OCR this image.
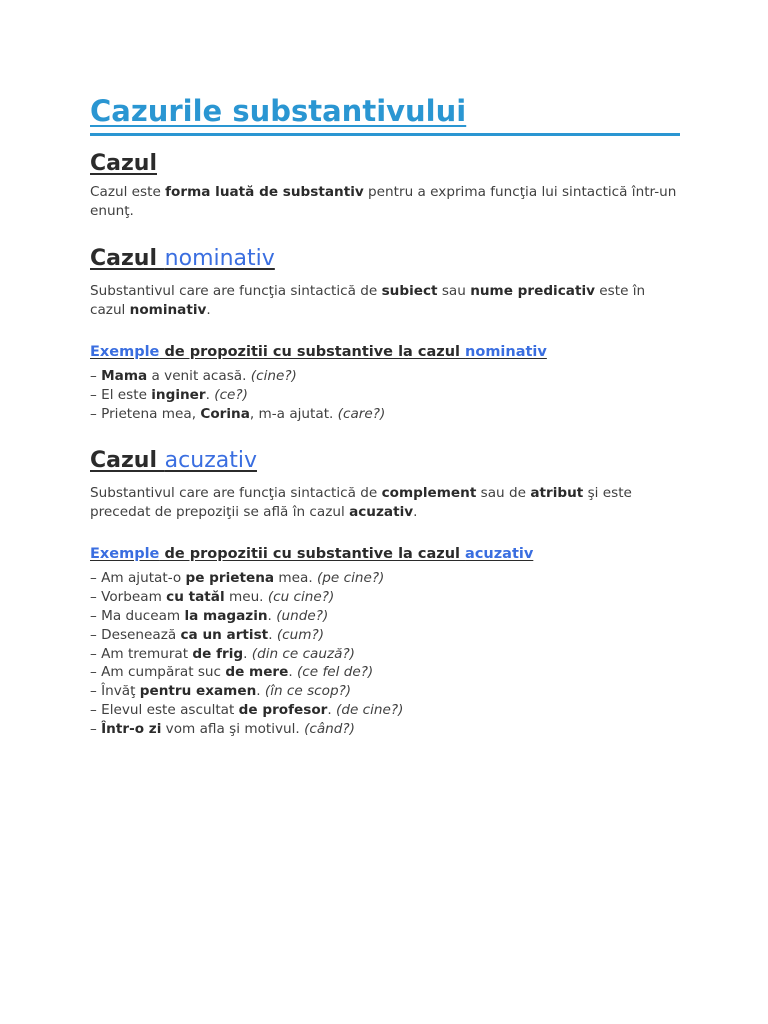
Cazurile substantivului
Cazul

Cazul este forma luată de substantiv pentru a exprima funcţia lui sintactică într-un enunţ.

Cazul nominativ

Substantivul care are funcţia sintactică de subiect sau nume predicativ este în cazul nominativ.

Exemple de propozitii cu substantive la cazul nominativ
– Mama a venit acasă. (cine?)
– El este inginer. (ce?)
– Prietena mea, Corina, m-a ajutat. (care?)
Cazul acuzativ

Substantivul care are funcţia sintactică de complement sau de atribut şi este precedat de prepoziţii se află în cazul acuzativ.

Exemple de propozitii cu substantive la cazul acuzativ
– Am ajutat-o pe prietena mea. (pe cine?)
– Vorbeam cu tatăl meu. (cu cine?)
– Ma duceam la magazin. (unde?)
– Desenează ca un artist. (cum?)
– Am tremurat de frig. (din ce cauză?)
– Am cumpărat suc de mere. (ce fel de?)
– Învăţ pentru examen. (în ce scop?)
– Elevul este ascultat de profesor. (de cine?)
– Într-o zi vom afla şi motivul. (când?)
